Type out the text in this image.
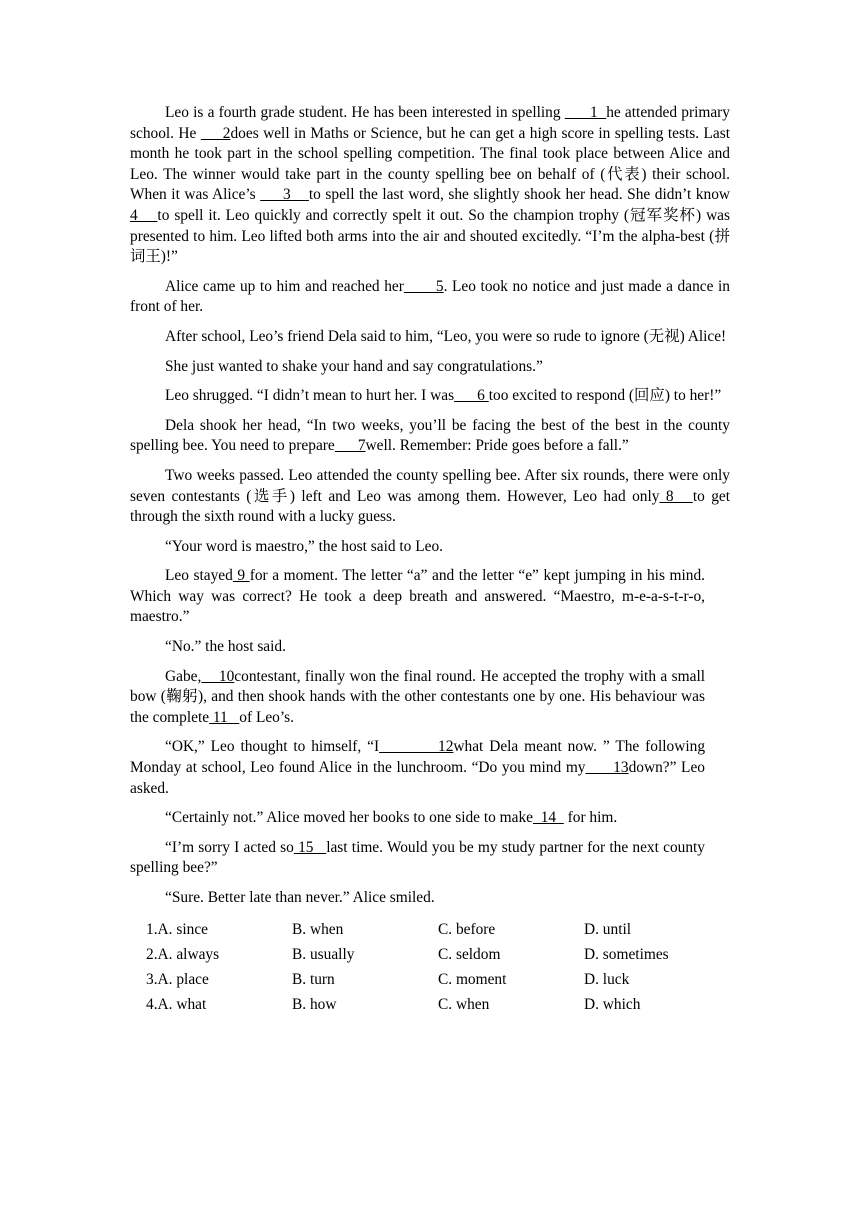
Leo is a fourth grade student. He has been interested in spelling       1  he attended primary school. He      2does well in Maths or Science, but he can get a high score in spelling tests. Last month he took part in the school spelling competition. The final took place between Alice and Leo. The winner would take part in the county spelling bee on behalf of (代表) their school. When it was Alice’s      3    to spell the last word, she slightly shook her head. She didn’t know 4    to spell it. Leo quickly and correctly spelt it out. So the champion trophy (冠军奖杯) was presented to him. Leo lifted both arms into the air and shouted excitedly. “I’m the alpha-best (拼词王)!”

Alice came up to him and reached her       5. Leo took no notice and just made a dance in front of her.

After school, Leo’s friend Dela said to him, “Leo, you were so rude to ignore (无视) Alice!

She just wanted to shake your hand and say congratulations.”

Leo shrugged. “I didn’t mean to hurt her. I was      6 too excited to respond (回应) to her!”

Dela shook her head, “In two weeks, you’ll be facing the best of the best in the county spelling bee. You need to prepare      7well. Remember: Pride goes before a fall.”

Two weeks passed. Leo attended the county spelling bee. After six rounds, there were only seven contestants (选手) left and Leo was among them. However, Leo had only 8   to get through the sixth round with a lucky guess.

“Your word is maestro,” the host said to Leo.

Leo stayed 9 for a moment. The letter “a” and the letter “e” kept jumping in his mind. Which way was correct? He took a deep breath and answered. “Maestro, m-e-a-s-t-r-o, maestro.”

“No.” the host said.

Gabe,    10contestant, finally won the final round. He accepted the trophy with a small bow (鞠躬), and then shook hands with the other contestants one by one. His behaviour was the complete 11   of Leo’s.

“OK,” Leo thought to himself, “I          12what Dela meant now. ” The following Monday at school, Leo found Alice in the lunchroom. “Do you mind my      13down?” Leo asked.

“Certainly not.” Alice moved her books to one side to make  14   for him.

“I’m sorry I acted so 15   last time. Would you be my study partner for the next county spelling bee?”

“Sure. Better late than never.” Alice smiled.

1.A. since	B. when	C. before	D. until
2.A. always	B. usually	C. seldom	D. sometimes
3.A. place	B. turn	C. moment	D. luck
4.A. what	B. how	C. when	D. which
